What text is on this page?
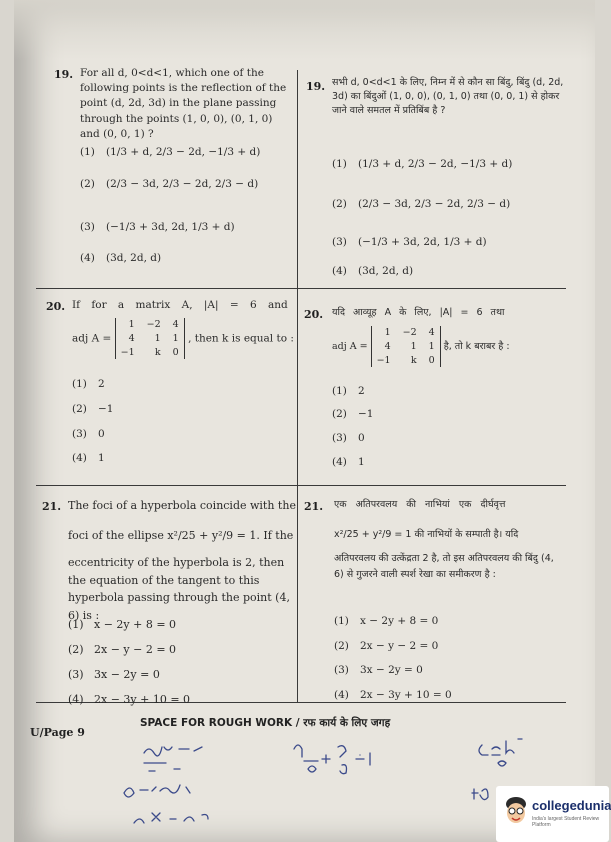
19. For all d, 0<d<1, which one of the following points is the reflection of the point (d, 2d, 3d) in the plane passing through the points (1, 0, 0), (0, 1, 0) and (0, 0, 1) ?
(1) (1/3 + d, 2/3 − 2d, −1/3 + d)
(2) (2/3 − 3d, 2/3 − 2d, 2/3 − d)
(3) (−1/3 + 3d, 2d, 1/3 + d)
(4) (3d, 2d, d)
19. सभी d, 0<d<1 के लिए, निम्न में से कौन सा बिंदु, बिंदु (d, 2d, 3d) का बिंदुओं (1, 0, 0), (0, 1, 0) तथा (0, 0, 1) से होकर जाने वाले समतल में प्रतिबिंब है ?
(1) (1/3 + d, 2/3 − 2d, −1/3 + d)
(2) (2/3 − 3d, 2/3 − 2d, 2/3 − d)
(3) (−1/3 + 3d, 2d, 1/3 + d)
(4) (3d, 2d, d)
20. If for a matrix A, |A| = 6 and
adj A =
1 −2 4
4	1 1
−1	k 0
, then k is equal to :
(1) 2
(2) −1
(3) 0
(4) 1
20. यदि आव्यूह A के लिए, |A| = 6 तथा
adj A =
1 −2 4
4	1 1
−1	k 0
है, तो k बराबर है :
(1) 2
(2) −1
(3) 0
(4) 1
21. The foci of a hyperbola coincide with the
foci of the ellipse x²/25 + y²/9 = 1. If the
eccentricity of the hyperbola is 2, then the equation of the tangent to this hyperbola passing through the point (4, 6) is :
(1) x − 2y + 8 = 0
(2) 2x − y − 2 = 0
(3) 3x − 2y = 0
(4) 2x − 3y + 10 = 0
21. एक अतिपरवलय की नाभियां एक दीर्घवृत्त
x²/25 + y²/9 = 1 की नाभियों के सम्पाती है। यदि
अतिपरवलय की उत्केंद्रता 2 है, तो इस अतिपरवलय की बिंदु (4, 6) से गुजरने वाली स्पर्श रेखा का समीकरण है :
(1) x − 2y + 8 = 0
(2) 2x − y − 2 = 0
(3) 3x − 2y = 0
(4) 2x − 3y + 10 = 0
U/Page 9
SPACE FOR ROUGH WORK / रफ कार्य के लिए जगह
collegedunia
India's largest Student Review Platform
